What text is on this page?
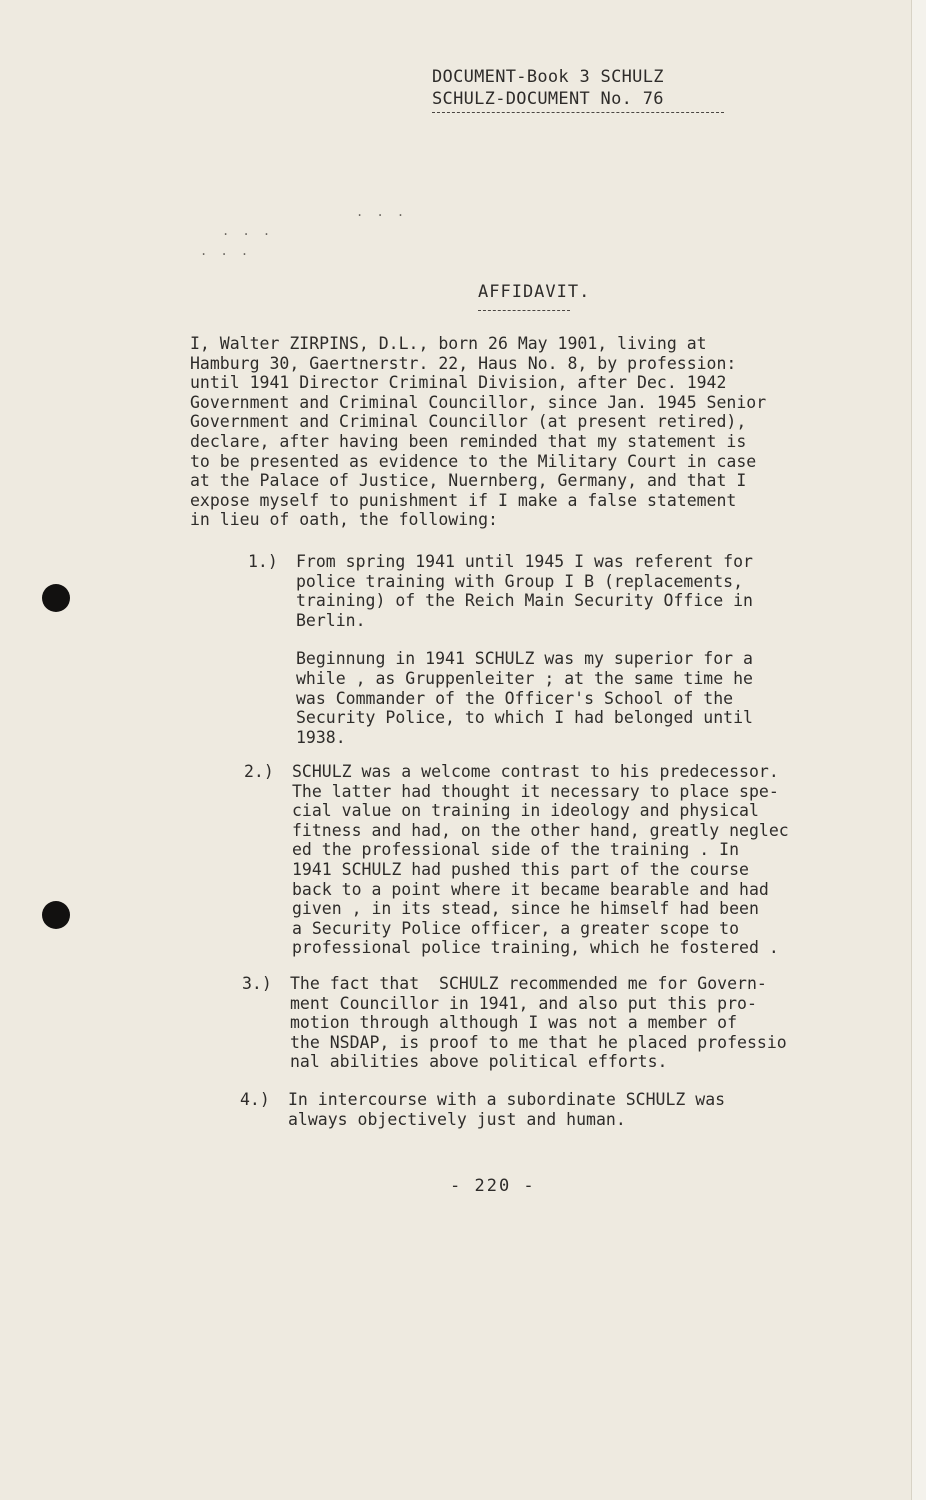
DOCUMENT-Book 3 SCHULZ
SCHULZ-DOCUMENT No. 76
. . .
. . .
. . .
AFFIDAVIT.
I, Walter ZIRPINS, D.L., born 26 May 1901, living at
Hamburg 30, Gaertnerstr. 22, Haus No. 8, by profession:
until 1941 Director Criminal Division, after Dec. 1942
Government and Criminal Councillor, since Jan. 1945 Senior
Government and Criminal Councillor (at present retired),
declare, after having been reminded that my statement is
to be presented as evidence to the Military Court in case
at the Palace of Justice, Nuernberg, Germany, and that I
expose myself to punishment if I make a false statement
in lieu of oath, the following:
1.) From spring 1941 until 1945 I was referent for
police training with Group I B (replacements,
training) of the Reich Main Security Office in
Berlin.
Beginnung in 1941 SCHULZ was my superior for a
while , as Gruppenleiter ; at the same time he
was Commander of the Officer's School of the
Security Police, to which I had belonged until
1938.
2.) SCHULZ was a welcome contrast to his predecessor.
The latter had thought it necessary to place spe-
cial value on training in ideology and physical
fitness and had, on the other hand, greatly neglec
ed the professional side of the training . In
1941 SCHULZ had pushed this part of the course
back to a point where it became bearable and had
given , in its stead, since he himself had been
a Security Police officer, a greater scope to
professional police training, which he fostered .
3.) The fact that  SCHULZ recommended me for Govern-
ment Councillor in 1941, and also put this pro-
motion through although I was not a member of
the NSDAP, is proof to me that he placed professio
nal abilities above political efforts.
4.) In intercourse with a subordinate SCHULZ was
always objectively just and human.
- 220 -
